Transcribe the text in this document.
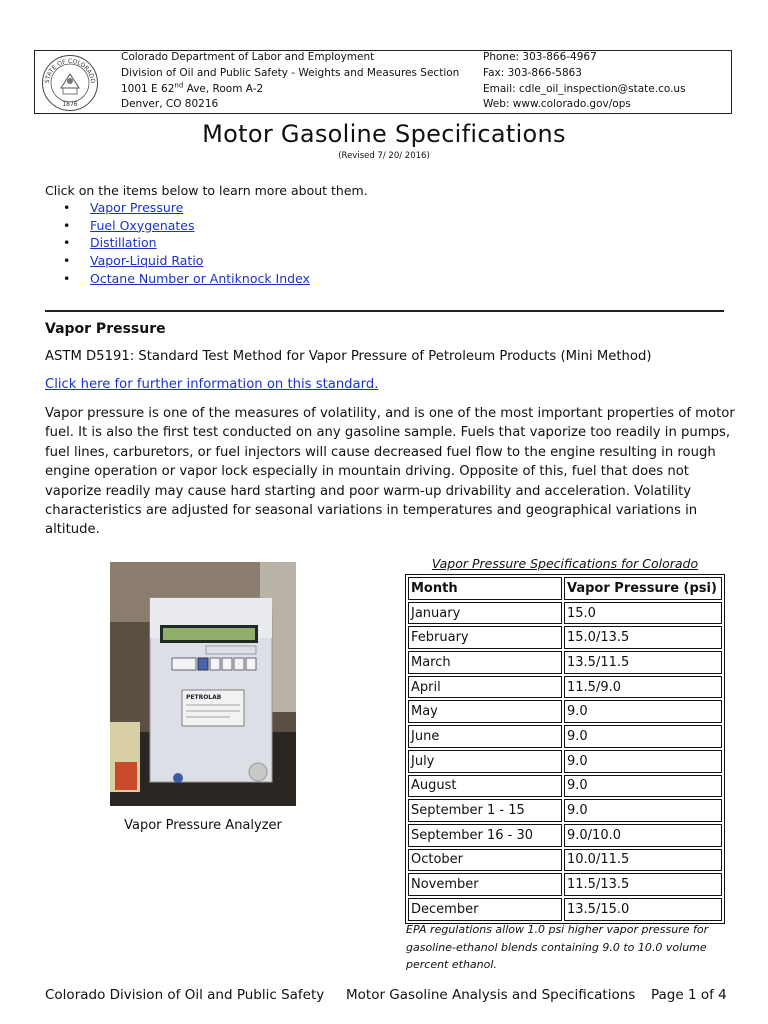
STATE OF COLORADO
1876
Colorado Department of Labor and Employment
Division of Oil and Public Safety - Weights and Measures Section
1001 E 62nd Ave, Room A-2
Denver, CO 80216
Phone: 303-866-4967
Fax: 303-866-5863
Email: cdle_oil_inspection@state.co.us
Web: www.colorado.gov/ops
Motor Gasoline Specifications
(Revised 7/ 20/ 2016)
Click on the items below to learn more about them.
• Vapor Pressure
• Fuel Oxygenates
• Distillation
• Vapor-Liquid Ratio
• Octane Number or Antiknock Index
Vapor Pressure
ASTM D5191: Standard Test Method for Vapor Pressure of Petroleum Products (Mini Method)
Click here for further information on this standard.
Vapor pressure is one of the measures of volatility, and is one of the most important properties of motor fuel. It is also the first test conducted on any gasoline sample. Fuels that vaporize too readily in pumps, fuel lines, carburetors, or fuel injectors will cause decreased fuel flow to the engine resulting in rough engine operation or vapor lock especially in mountain driving. Opposite of this, fuel that does not vaporize readily may cause hard starting and poor warm-up drivability and acceleration. Volatility characteristics are adjusted for seasonal variations in temperatures and geographical variations in altitude.
PETROLAB
Vapor Pressure Analyzer
Vapor Pressure Specifications for Colorado
Month	Vapor Pressure (psi)
January	15.0
February	15.0/13.5
March	13.5/11.5
April	11.5/9.0
May	9.0
June	9.0
July	9.0
August	9.0
September 1 - 15	9.0
September 16 - 30	9.0/10.0
October	10.0/11.5
November	11.5/13.5
December	13.5/15.0
EPA regulations allow 1.0 psi higher vapor pressure for gasoline-ethanol blends containing 9.0 to 10.0 volume percent ethanol.
Colorado Division of Oil and Public Safety Motor Gasoline Analysis and Specifications Page 1 of 4
